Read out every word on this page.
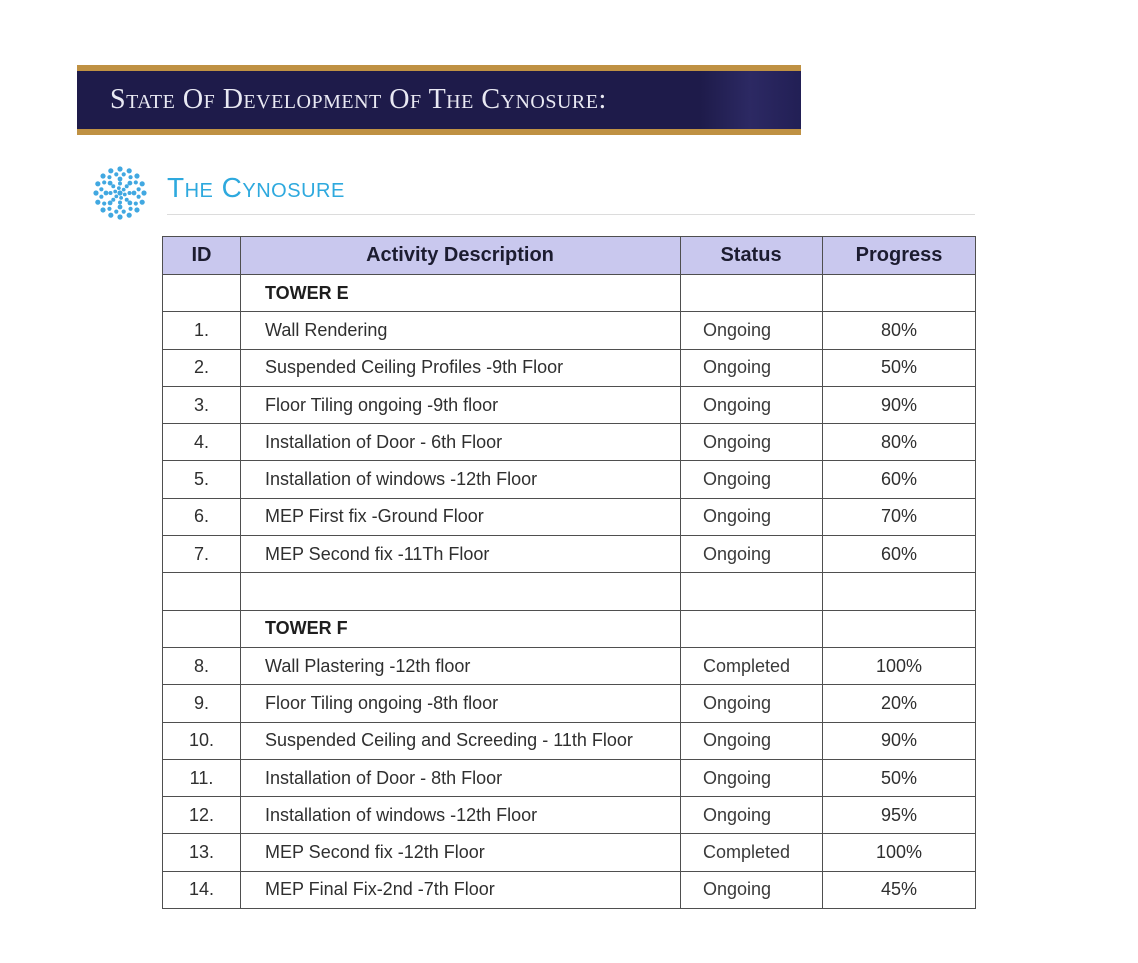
State Of Development Of The Cynosure:
The Cynosure
ID	Activity Description	Status	Progress
	TOWER E		
1.	Wall Rendering	Ongoing	80%
2.	Suspended Ceiling Profiles -9th Floor	Ongoing	50%
3.	Floor Tiling ongoing -9th floor	Ongoing	90%
4.	Installation of Door - 6th Floor	Ongoing	80%
5.	Installation of windows -12th Floor	Ongoing	60%
6.	MEP First fix -Ground Floor	Ongoing	70%
7.	MEP Second fix -11Th Floor	Ongoing	60%

	TOWER F		
8.	Wall Plastering -12th floor	Completed	100%
9.	Floor Tiling ongoing -8th floor	Ongoing	20%
10.	Suspended Ceiling and Screeding - 11th Floor	Ongoing	90%
11.	Installation of Door - 8th Floor	Ongoing	50%
12.	Installation of windows -12th Floor	Ongoing	95%
13.	MEP Second fix -12th Floor	Completed	100%
14.	MEP Final Fix-2nd -7th Floor	Ongoing	45%
